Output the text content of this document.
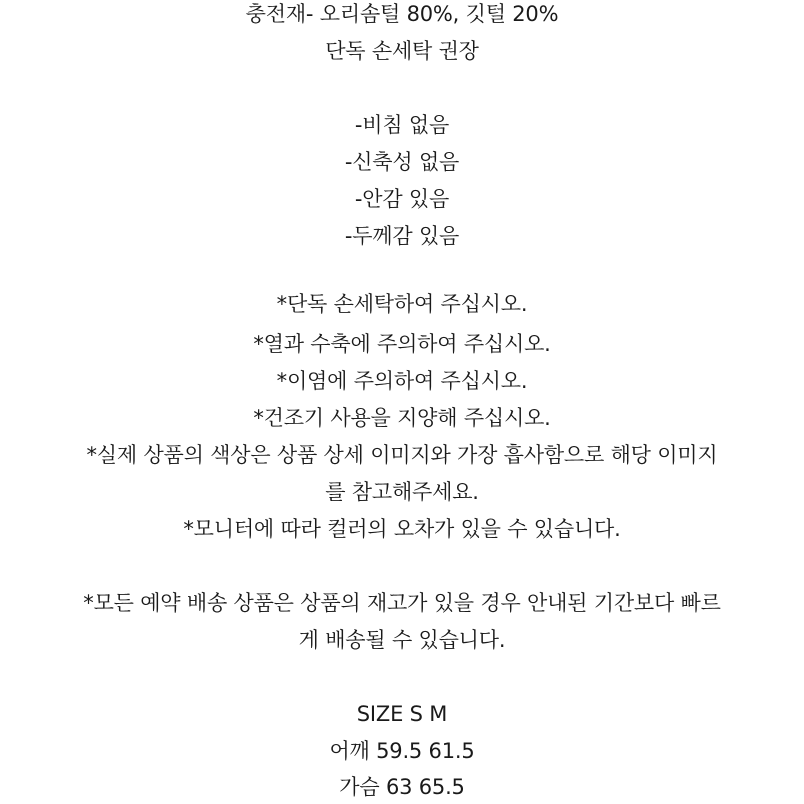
충전재- 오리솜털 80%, 깃털 20%
단독 손세탁 권장
-비침 없음
-신축성 없음
-안감 있음
-두께감 있음
*단독 손세탁하여 주십시오.
*열과 수축에 주의하여 주십시오.
*이염에 주의하여 주십시오.
*건조기 사용을 지양해 주십시오.
*실제 상품의 색상은 상품 상세 이미지와 가장 흡사함으로 해당 이미지
를 참고해주세요.
*모니터에 따라 컬러의 오차가 있을 수 있습니다.
*모든 예약 배송 상품은 상품의 재고가 있을 경우 안내된 기간보다 빠르
게 배송될 수 있습니다.
SIZE S M
어깨 59.5 61.5
가슴 63 65.5
